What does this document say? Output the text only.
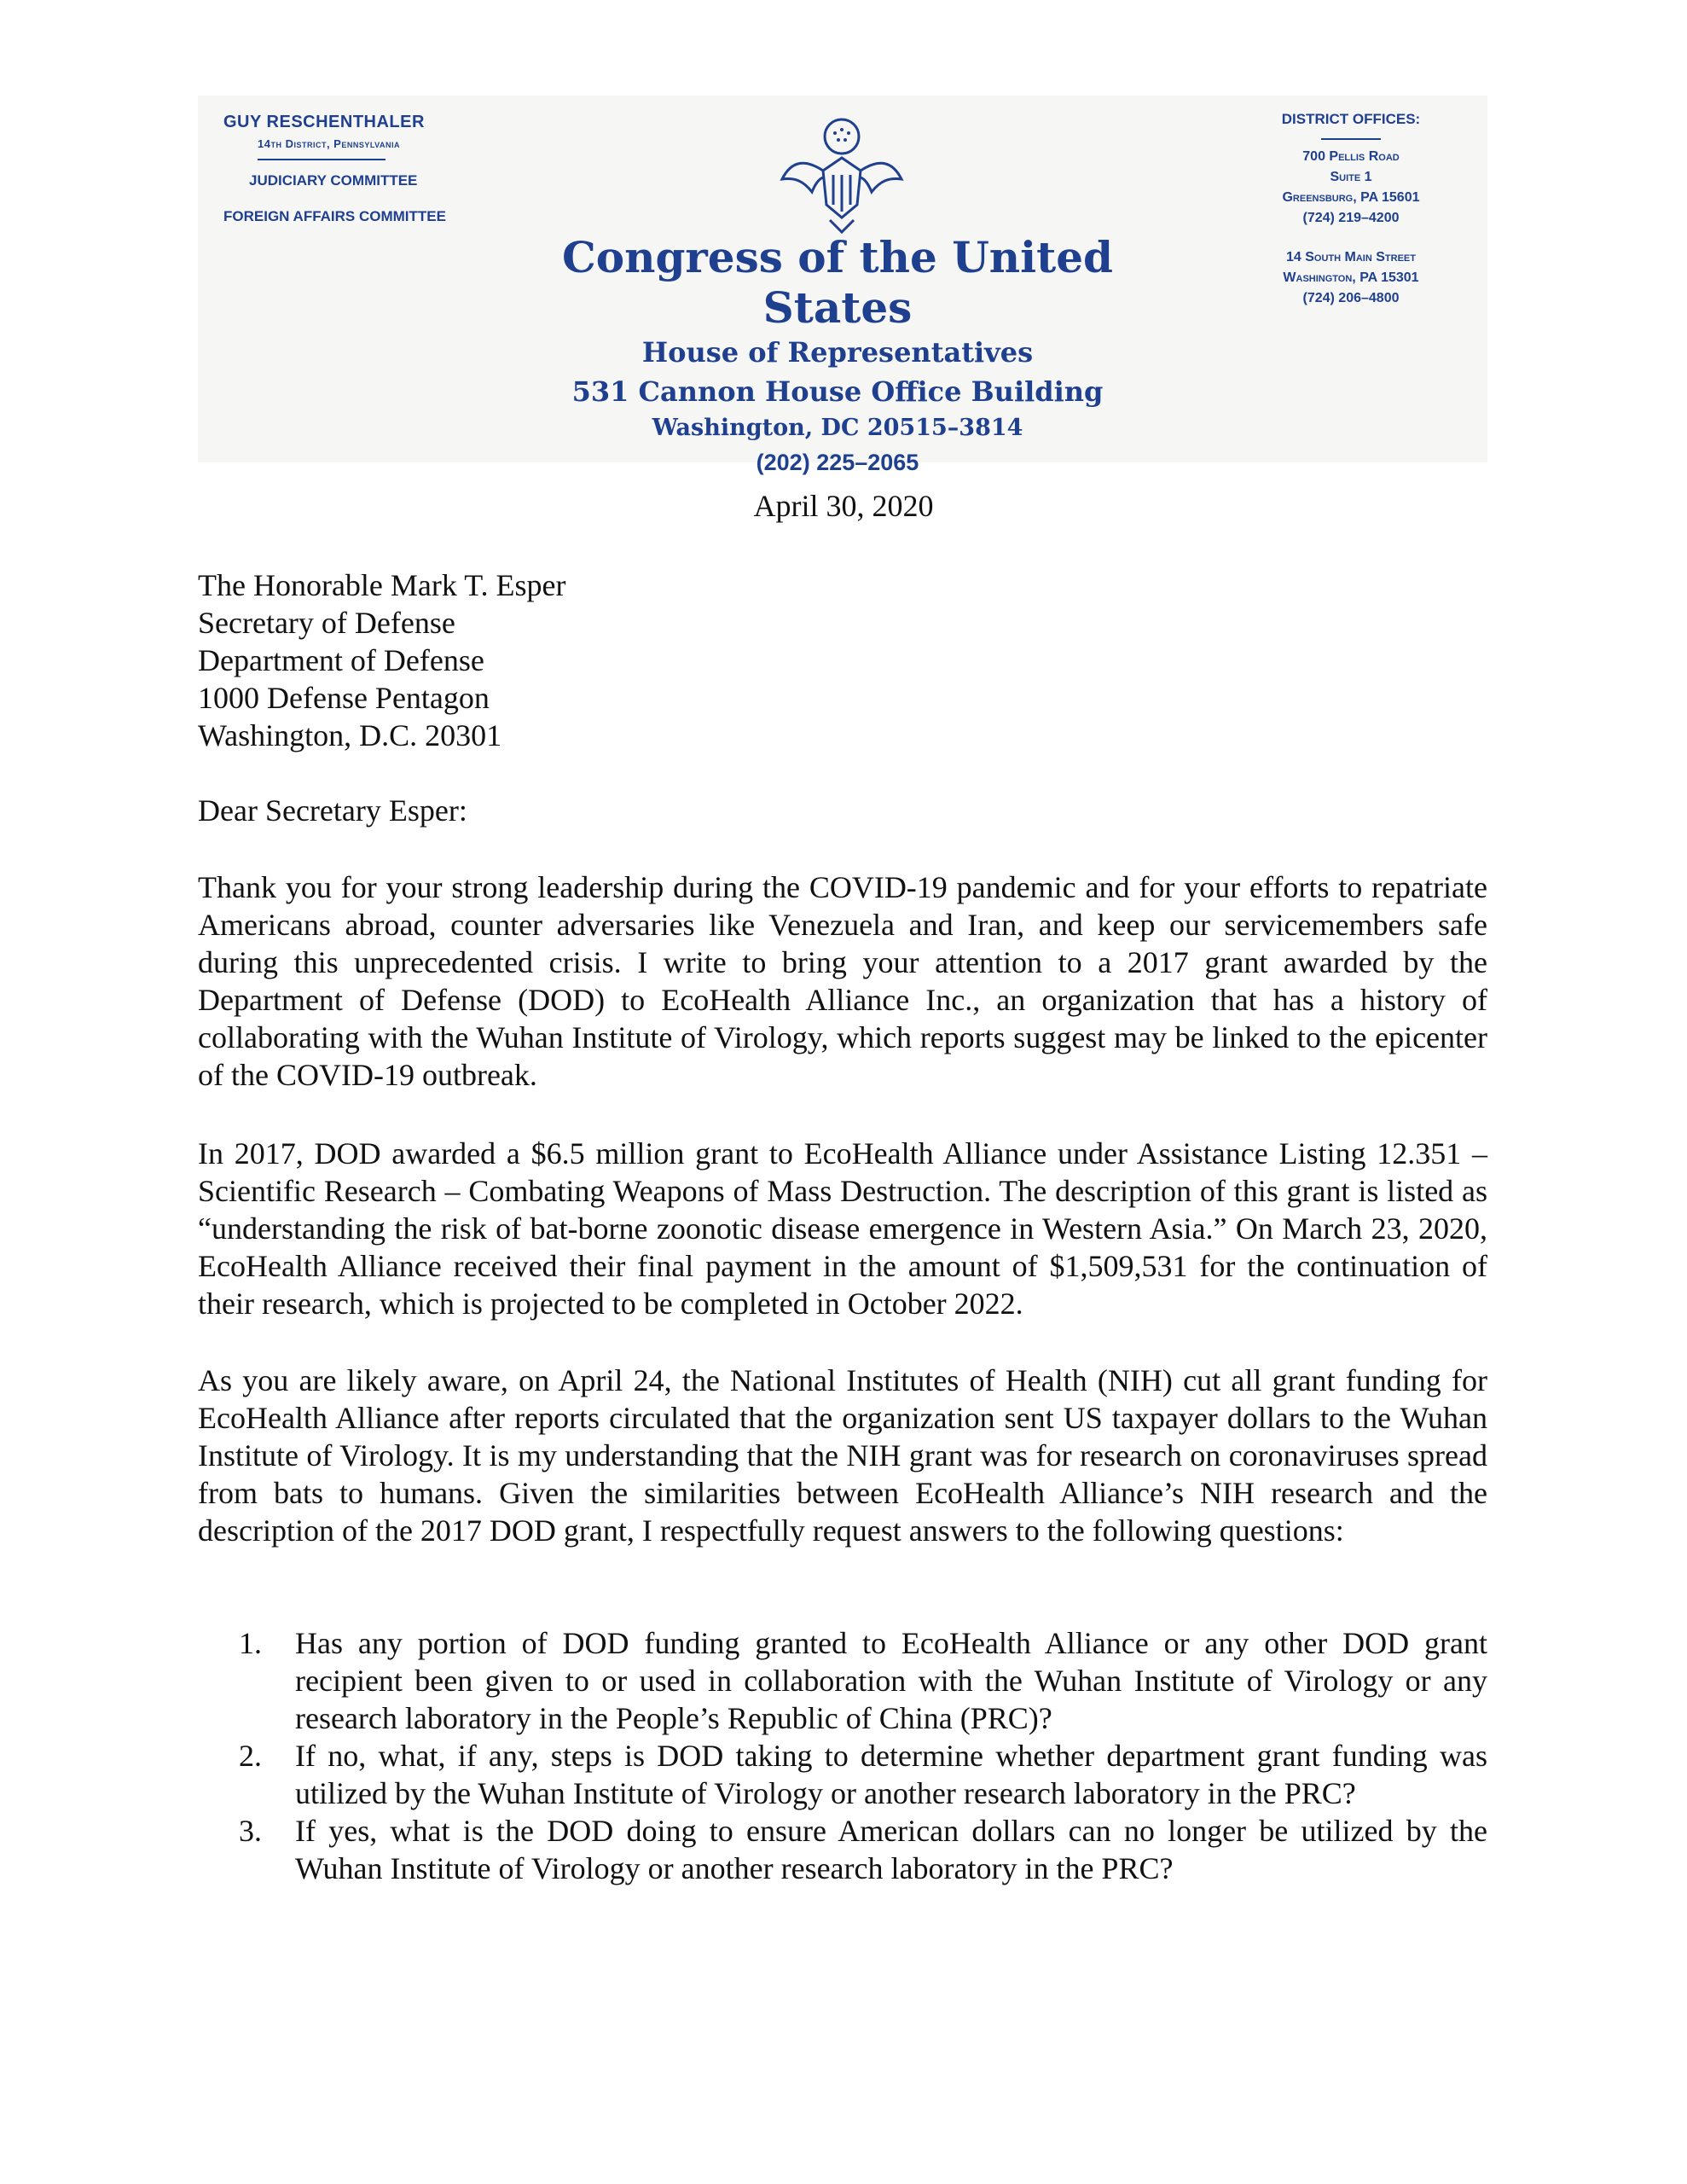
GUY RESCHENTHALER
14th District, Pennsylvania
JUDICIARY COMMITTEE
FOREIGN AFFAIRS COMMITTEE
Congress of the United States
House of Representatives
531 Cannon House Office Building
Washington, DC 20515–3814
(202) 225–2065
DISTRICT OFFICES:
700 Pellis Road
Suite 1
Greensburg, PA 15601
(724) 219–4200
14 South Main Street
Washington, PA 15301
(724) 206–4800
April 30, 2020
The Honorable Mark T. Esper
Secretary of Defense
Department of Defense
1000 Defense Pentagon
Washington, D.C. 20301
Dear Secretary Esper:

Thank you for your strong leadership during the COVID-19 pandemic and for your efforts to repatriate Americans abroad, counter adversaries like Venezuela and Iran, and keep our servicemembers safe during this unprecedented crisis. I write to bring your attention to a 2017 grant awarded by the Department of Defense (DOD) to EcoHealth Alliance Inc., an organization that has a history of collaborating with the Wuhan Institute of Virology, which reports suggest may be linked to the epicenter of the COVID-19 outbreak.

In 2017, DOD awarded a $6.5 million grant to EcoHealth Alliance under Assistance Listing 12.351 – Scientific Research – Combating Weapons of Mass Destruction. The description of this grant is listed as “understanding the risk of bat-borne zoonotic disease emergence in Western Asia.” On March 23, 2020, EcoHealth Alliance received their final payment in the amount of $1,509,531 for the continuation of their research, which is projected to be completed in October 2022.

As you are likely aware, on April 24, the National Institutes of Health (NIH) cut all grant funding for EcoHealth Alliance after reports circulated that the organization sent US taxpayer dollars to the Wuhan Institute of Virology. It is my understanding that the NIH grant was for research on coronaviruses spread from bats to humans. Given the similarities between EcoHealth Alliance’s NIH research and the description of the 2017 DOD grant, I respectfully request answers to the following questions:

1.	Has any portion of DOD funding granted to EcoHealth Alliance or any other DOD grant recipient been given to or used in collaboration with the Wuhan Institute of Virology or any research laboratory in the People’s Republic of China (PRC)?
2.	If no, what, if any, steps is DOD taking to determine whether department grant funding was utilized by the Wuhan Institute of Virology or another research laboratory in the PRC?
3.	If yes, what is the DOD doing to ensure American dollars can no longer be utilized by the Wuhan Institute of Virology or another research laboratory in the PRC?
